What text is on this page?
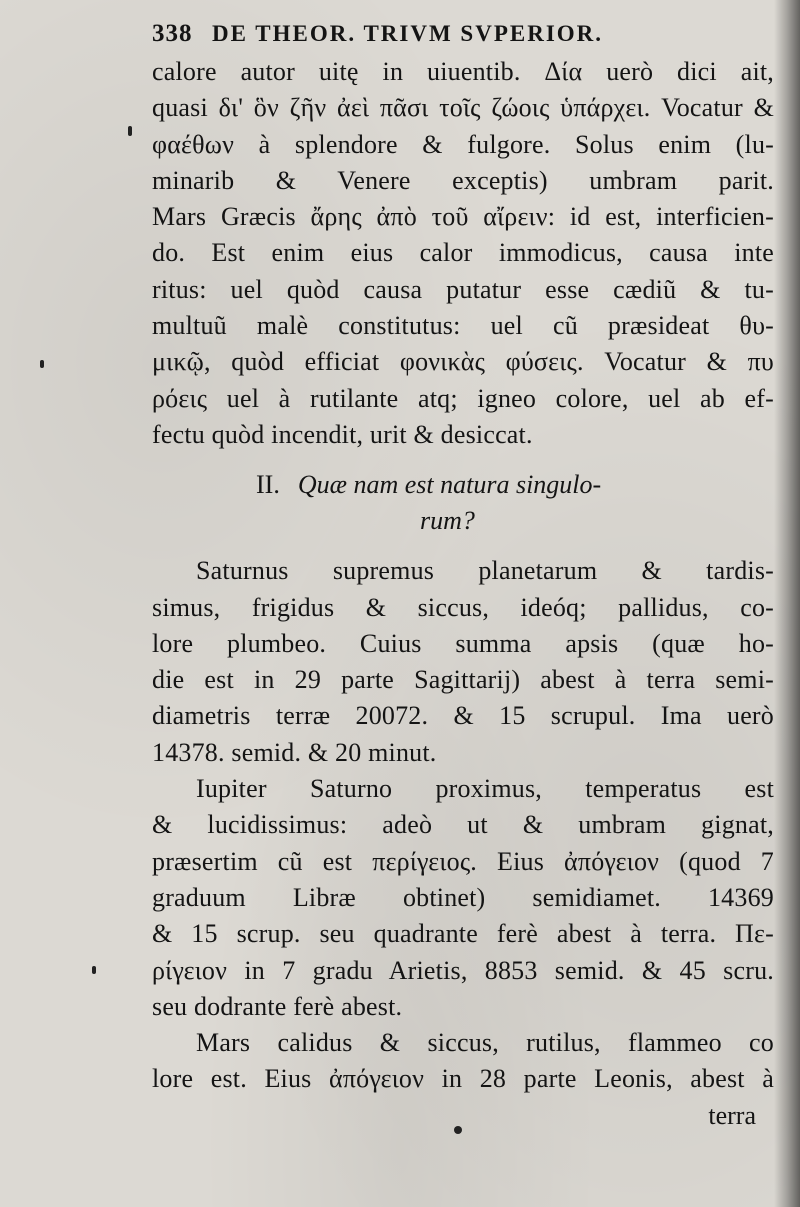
338 DE THEOR. TRIVM SVPERIOR.
calore autor uitę in uiuentib. Δία uerò dici ait,
quasi δι' ὃν ζῆν ἀεὶ πᾶσι τοῖς ζώοις ὑπάρχει. Vocatur &
φαέθων à splendore & fulgore. Solus enim (lu-
minarib & Venere exceptis) umbram parit.
Mars Græcis ἄρης ἀπὸ τοῦ αἴρειν: id est, interficien-
do. Est enim eius calor immodicus, causa inte
ritus: uel quòd causa putatur esse cædiũ & tu-
multuũ malè constitutus: uel cũ præsideat θυ-
μικῷ, quòd efficiat φονικὰς φύσεις. Vocatur & πυ
ρόεις uel à rutilante atq; igneo colore, uel ab ef-
fectu quòd incendit, urit & desiccat.
II. Quæ nam est natura singulo-
rum?
Saturnus supremus planetarum & tardis-
simus, frigidus & siccus, ideóq; pallidus, co-
lore plumbeo. Cuius summa apsis (quæ ho-
die est in 29 parte Sagittarij) abest à terra semi-
diametris terræ 20072. & 15 scrupul. Ima uerò
14378. semid. & 20 minut.
Iupiter Saturno proximus, temperatus est
& lucidissimus: adeò ut & umbram gignat,
præsertim cũ est περίγειος. Eius ἀπόγειον (quod 7
graduum Libræ obtinet) semidiamet. 14369
& 15 scrup. seu quadrante ferè abest à terra. Πε-
ρίγειον in 7 gradu Arietis, 8853 semid. & 45 scru.
seu dodrante ferè abest.
Mars calidus & siccus, rutilus, flammeo co
lore est. Eius ἀπόγειον in 28 parte Leonis, abest à
terra
